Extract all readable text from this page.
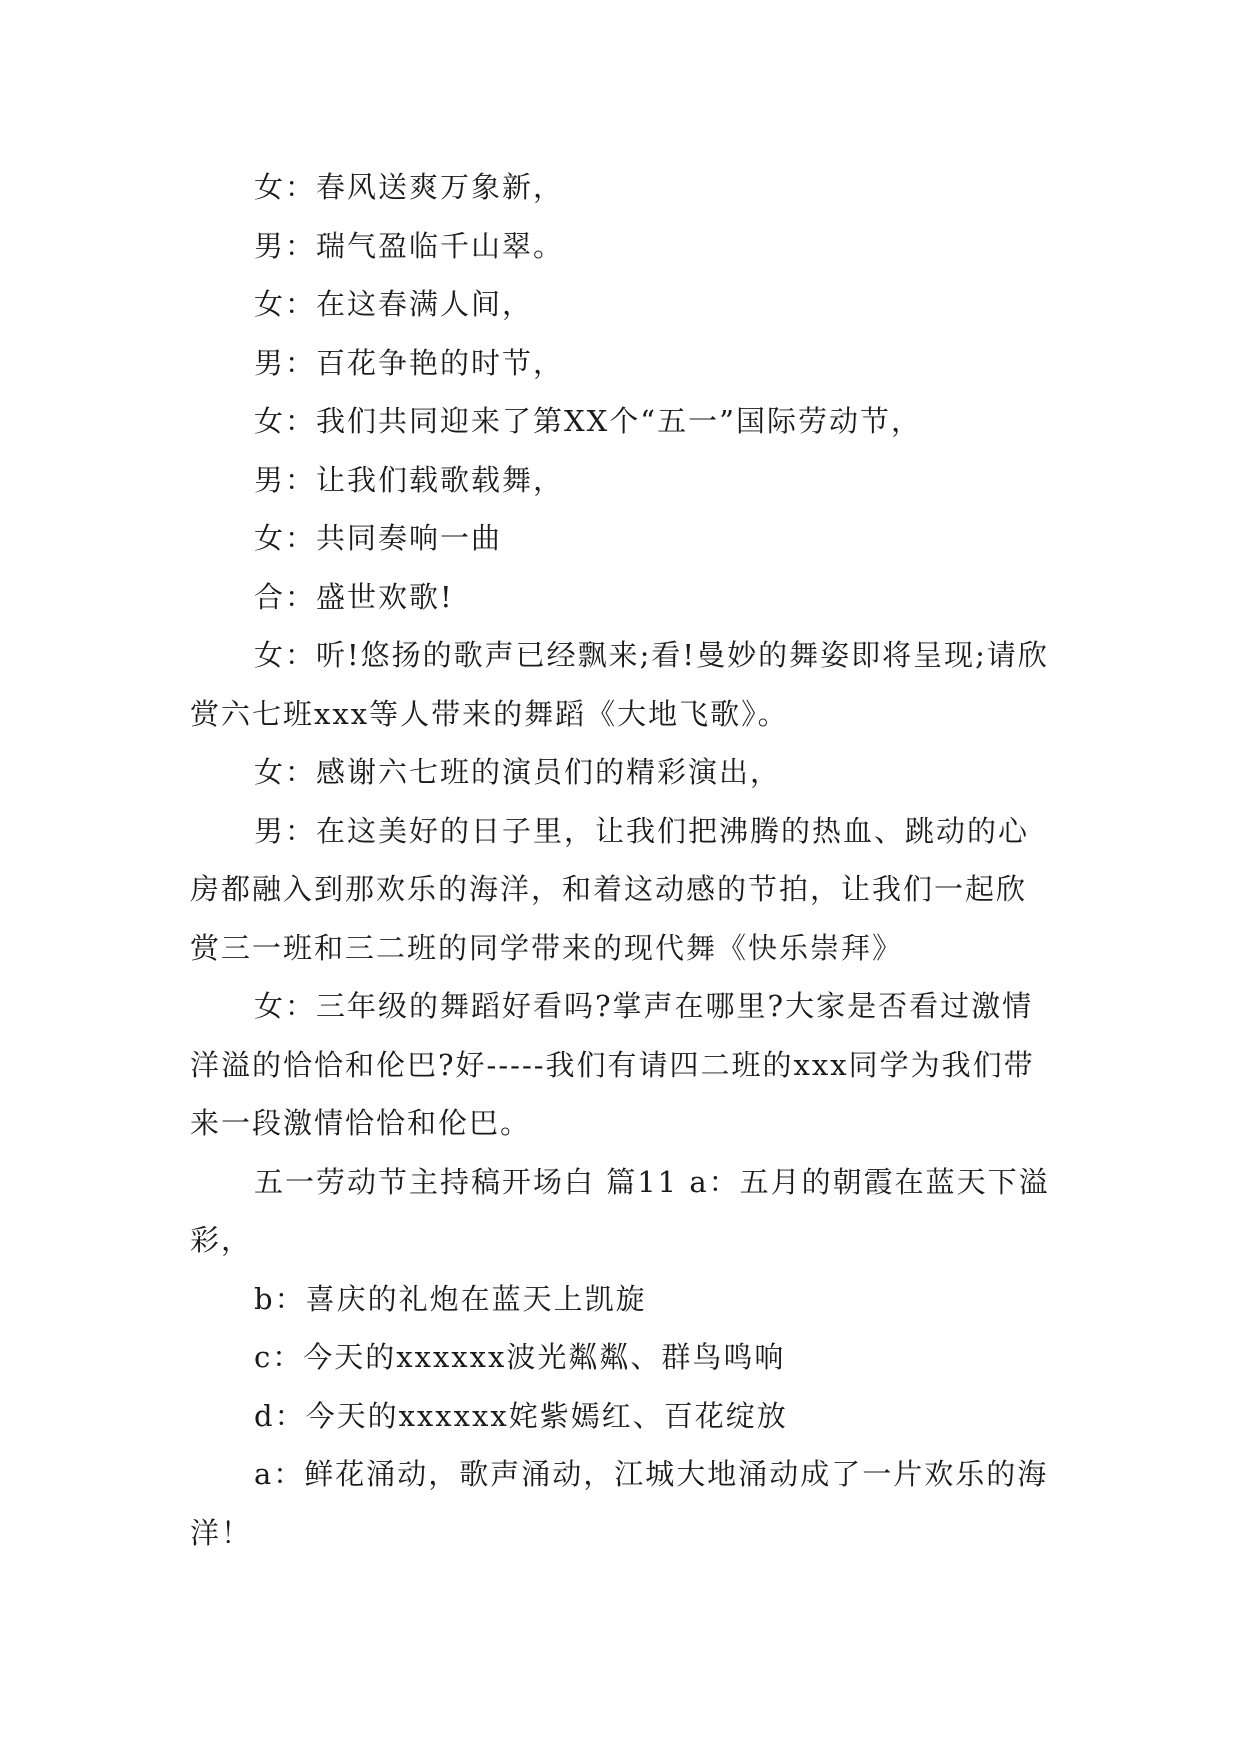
女：春风送爽万象新，

男：瑞气盈临千山翠。

女：在这春满人间，

男：百花争艳的时节，

女：我们共同迎来了第XX个“五一”国际劳动节，

男：让我们载歌载舞，

女：共同奏响一曲

合：盛世欢歌!

女：听!悠扬的歌声已经飘来;看!曼妙的舞姿即将呈现;请欣赏六七班xxx等人带来的舞蹈《大地飞歌》。

女：感谢六七班的演员们的精彩演出，

男：在这美好的日子里，让我们把沸腾的热血、跳动的心房都融入到那欢乐的海洋，和着这动感的节拍，让我们一起欣赏三一班和三二班的同学带来的现代舞《快乐崇拜》

女：三年级的舞蹈好看吗?掌声在哪里?大家是否看过激情洋溢的恰恰和伦巴?好-----我们有请四二班的xxx同学为我们带来一段激情恰恰和伦巴。

五一劳动节主持稿开场白 篇11 a：五月的朝霞在蓝天下溢彩，

b：喜庆的礼炮在蓝天上凯旋

c：今天的xxxxxx波光粼粼、群鸟鸣响

d：今天的xxxxxx姹紫嫣红、百花绽放

a：鲜花涌动，歌声涌动，江城大地涌动成了一片欢乐的海洋！
